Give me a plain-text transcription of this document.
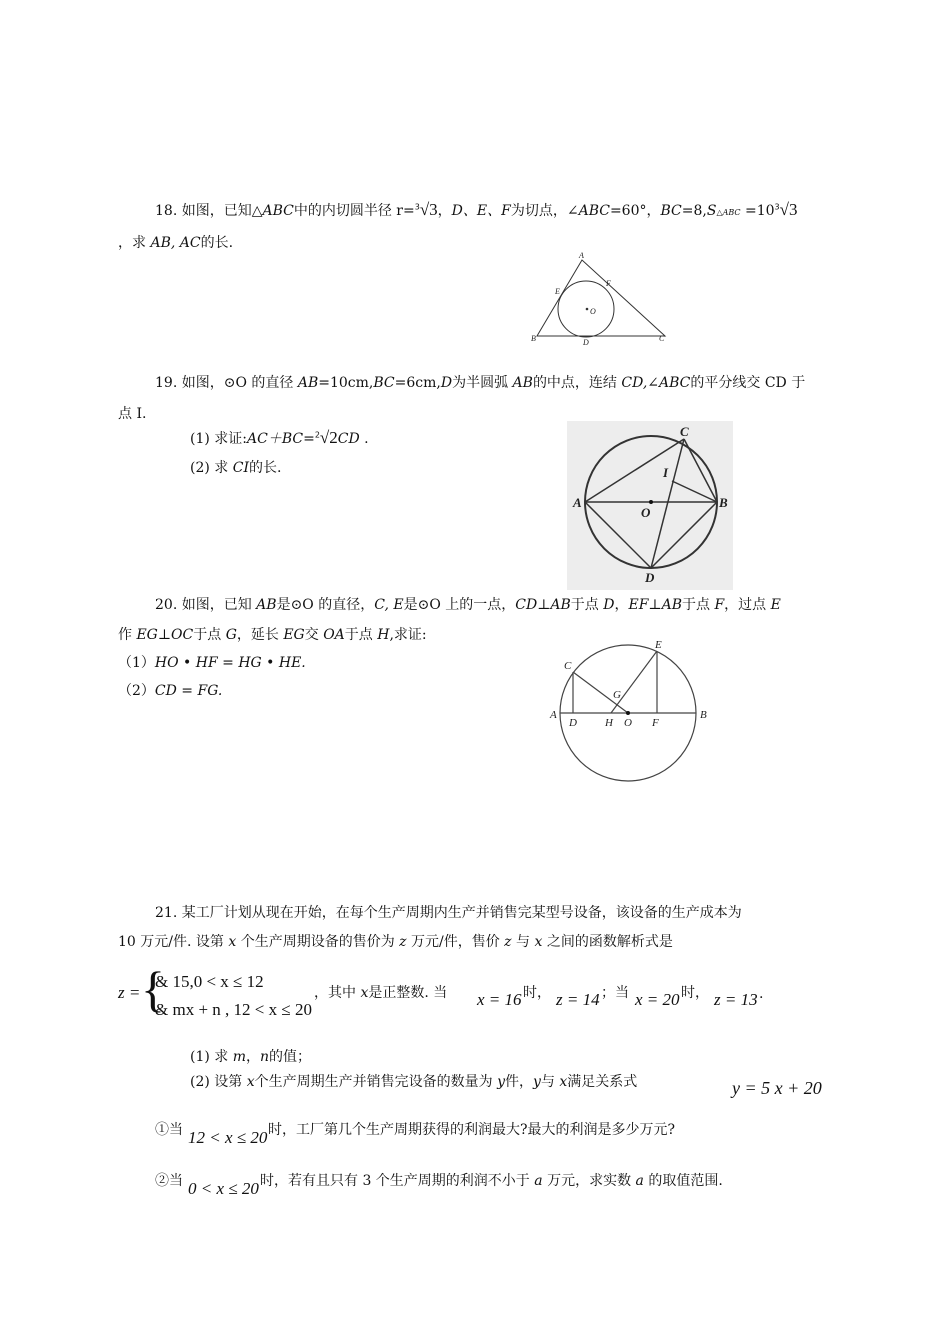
18. 如图，已知△ABC中的内切圆半径 r=$^3$√3，D、E、F为切点，∠ABC=60°，BC=8,S△ABC $=10^3√3$
，求 AB, AC的长.
A
B	C
D
E
F
O
19. 如图，⊙O 的直径 AB=10cm,BC=6cm,D为半圆弧 AB的中点，连结 CD,∠ABC的平分线交 CD 于
点 I.
(1) 求证:AC＋BC=$^2$√2CD .
(2) 求 CI的长.
A	B
C
D
I
O
20. 如图，已知 AB是⊙O 的直径，C, E是⊙O 上的一点，CD⊥AB于点 D，EF⊥AB于点 F，过点 E
作 EG⊥OC于点 G，延长 EG交 OA于点 H,求证:
（1）HO • HF = HG • HE.
（2）CD = FG.
A	B
C
D
E
F
G
H O
21. 某工厂计划从现在开始，在每个生产周期内生产并销售完某型号设备，该设备的生产成本为
10 万元/件. 设第 x 个生产周期设备的售价为 z 万元/件，售价 z 与 x 之间的函数解析式是
z = {
& 15,0 < x ≤ 12
& mx + n , 12 < x ≤ 20
，其中 x是正整数. 当 x = 16 时， z = 14 ；当 x = 20 时， z = 13 .
(1) 求 m，n的值；
(2) 设第 x个生产周期生产并销售完设备的数量为 y件，y与 x满足关系式	y = 5 x + 20
①当 12 < x ≤ 20 时，工厂第几个生产周期获得的利润最大?最大的利润是多少万元?
②当 0 < x ≤ 20 时，若有且只有 3 个生产周期的利润不小于 a 万元，求实数 a 的取值范围.
